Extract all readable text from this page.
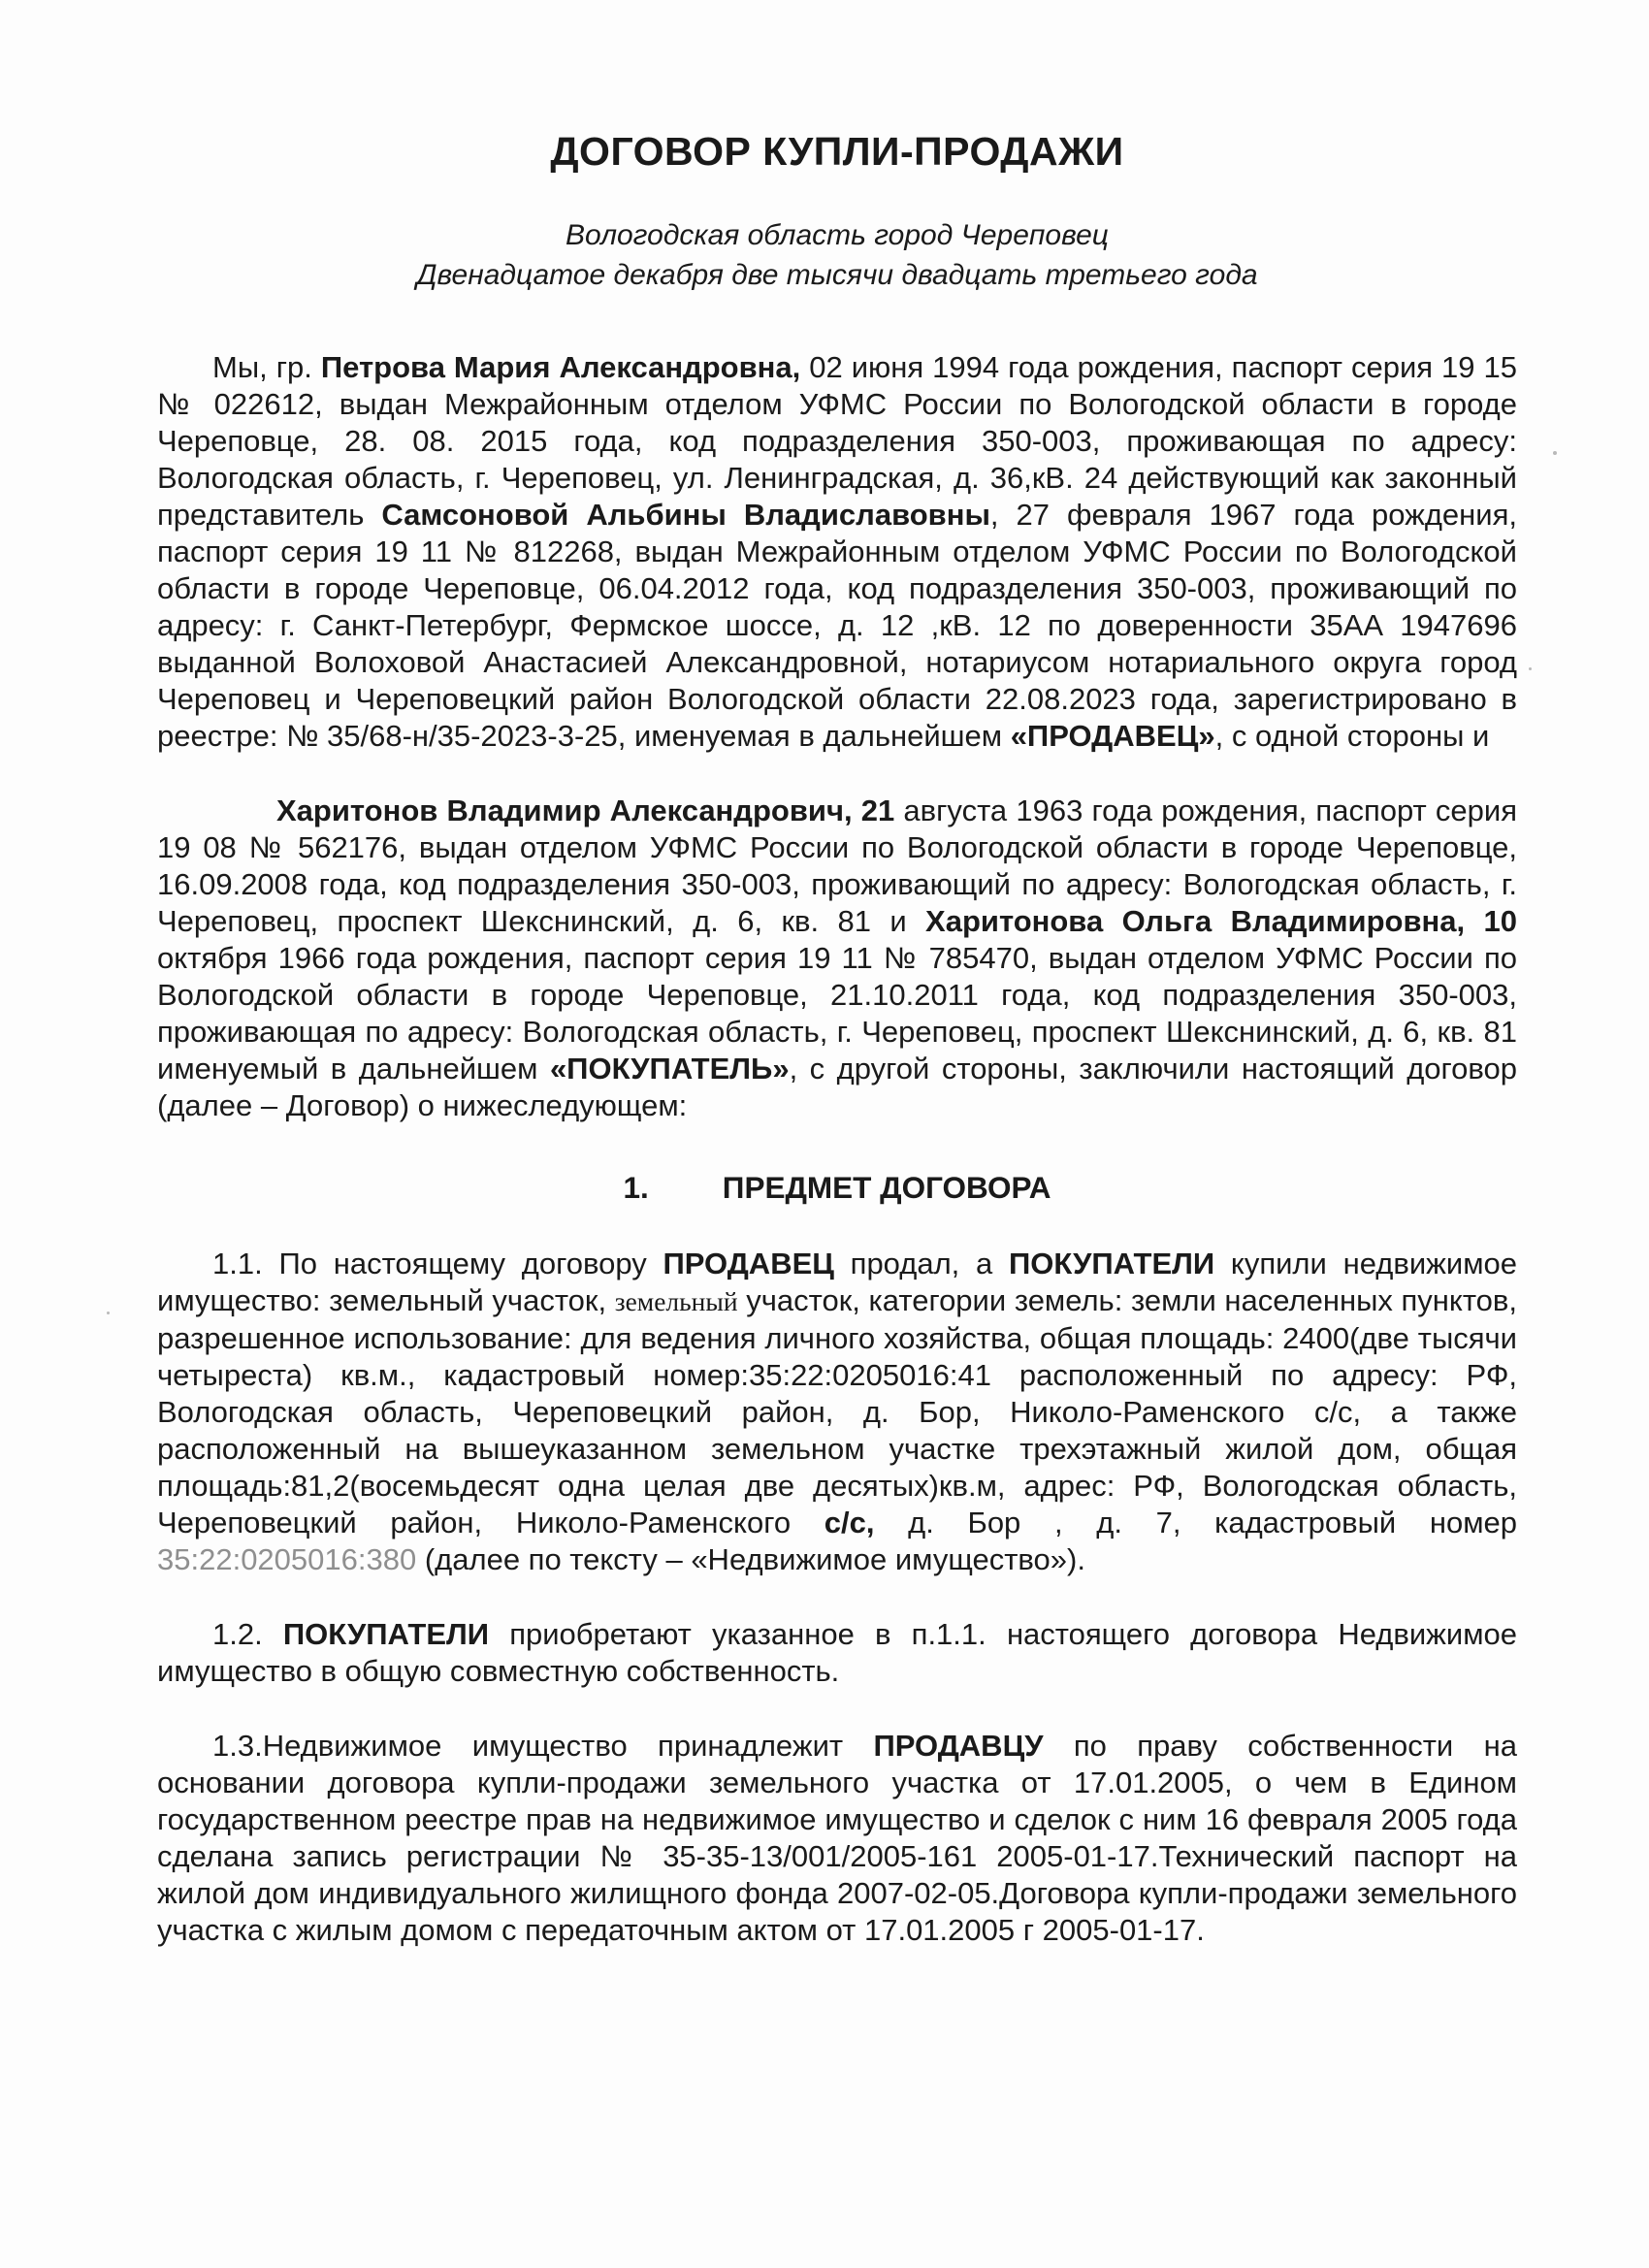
ДОГОВОР КУПЛИ-ПРОДАЖИ
Вологодская область город Череповец
Двенадцатое декабря две тысячи двадцать третьего года

Мы, гр. Петрова Мария Александровна, 02 июня 1994 года рождения, паспорт серия 19 15 № 022612, выдан Межрайонным отделом УФМС России по Вологодской области в городе Череповце, 28. 08. 2015 года, код подразделения 350-003, проживающая по адресу: Вологодская область, г. Череповец, ул. Ленинградская, д. 36,кВ. 24 действующий как законный представитель Самсоновой Альбины Владиславовны, 27 февраля 1967 года рождения, паспорт серия 19 11 № 812268, выдан Межрайонным отделом УФМС России по Вологодской области в городе Череповце, 06.04.2012 года, код подразделения 350-003, проживающий по адресу: г. Санкт-Петербург, Фермское шоссе, д. 12 ,кВ. 12 по доверенности 35АА 1947696 выданной Волоховой Анастасией Александровной, нотариусом нотариального округа город Череповец и Череповецкий район Вологодской области 22.08.2023 года, зарегистрировано в реестре: № 35/68-н/35-2023-3-25, именуемая в дальнейшем «ПРОДАВЕЦ», с одной стороны и

Харитонов Владимир Александрович, 21 августа 1963 года рождения, паспорт серия 19 08 № 562176, выдан отделом УФМС России по Вологодской области в городе Череповце, 16.09.2008 года, код подразделения 350-003, проживающий по адресу: Вологодская область, г. Череповец, проспект Шекснинский, д. 6, кв. 81 и Харитонова Ольга Владимировна, 10 октября 1966 года рождения, паспорт серия 19 11 № 785470, выдан отделом УФМС России по Вологодской области в городе Череповце, 21.10.2011 года, код подразделения 350-003, проживающая по адресу: Вологодская область, г. Череповец, проспект Шекснинский, д. 6, кв. 81 именуемый в дальнейшем «ПОКУПАТЕЛЬ», с другой стороны, заключили настоящий договор (далее – Договор) о нижеследующем:

1. ПРЕДМЕТ ДОГОВОРА

1.1. По настоящему договору ПРОДАВЕЦ продал, а ПОКУПАТЕЛИ купили недвижимое имущество: земельный участок, земельный участок, категории земель: земли населенных пунктов, разрешенное использование: для ведения личного хозяйства, общая площадь: 2400(две тысячи четыреста) кв.м., кадастровый номер:35:22:0205016:41 расположенный по адресу: РФ, Вологодская область, Череповецкий район, д. Бор, Николо-Раменского с/с, а также расположенный на вышеуказанном земельном участке трехэтажный жилой дом, общая площадь:81,2(восемьдесят одна целая две десятых)кв.м, адрес: РФ, Вологодская область, Череповецкий район, Николо-Раменского с/с, д. Бор , д. 7, кадастровый номер 35:22:0205016:380 (далее по тексту – «Недвижимое имущество»).

1.2. ПОКУПАТЕЛИ приобретают указанное в п.1.1. настоящего договора Недвижимое имущество в общую совместную собственность.

1.3.Недвижимое имущество принадлежит ПРОДАВЦУ по праву собственности на основании договора купли-продажи земельного участка от 17.01.2005, о чем в Едином государственном реестре прав на недвижимое имущество и сделок с ним 16 февраля 2005 года сделана запись регистрации № 35-35-13/001/2005-161 2005-01-17.Технический паспорт на жилой дом индивидуального жилищного фонда 2007-02-05.Договора купли-продажи земельного участка с жилым домом с передаточным актом от 17.01.2005 г 2005-01-17.
